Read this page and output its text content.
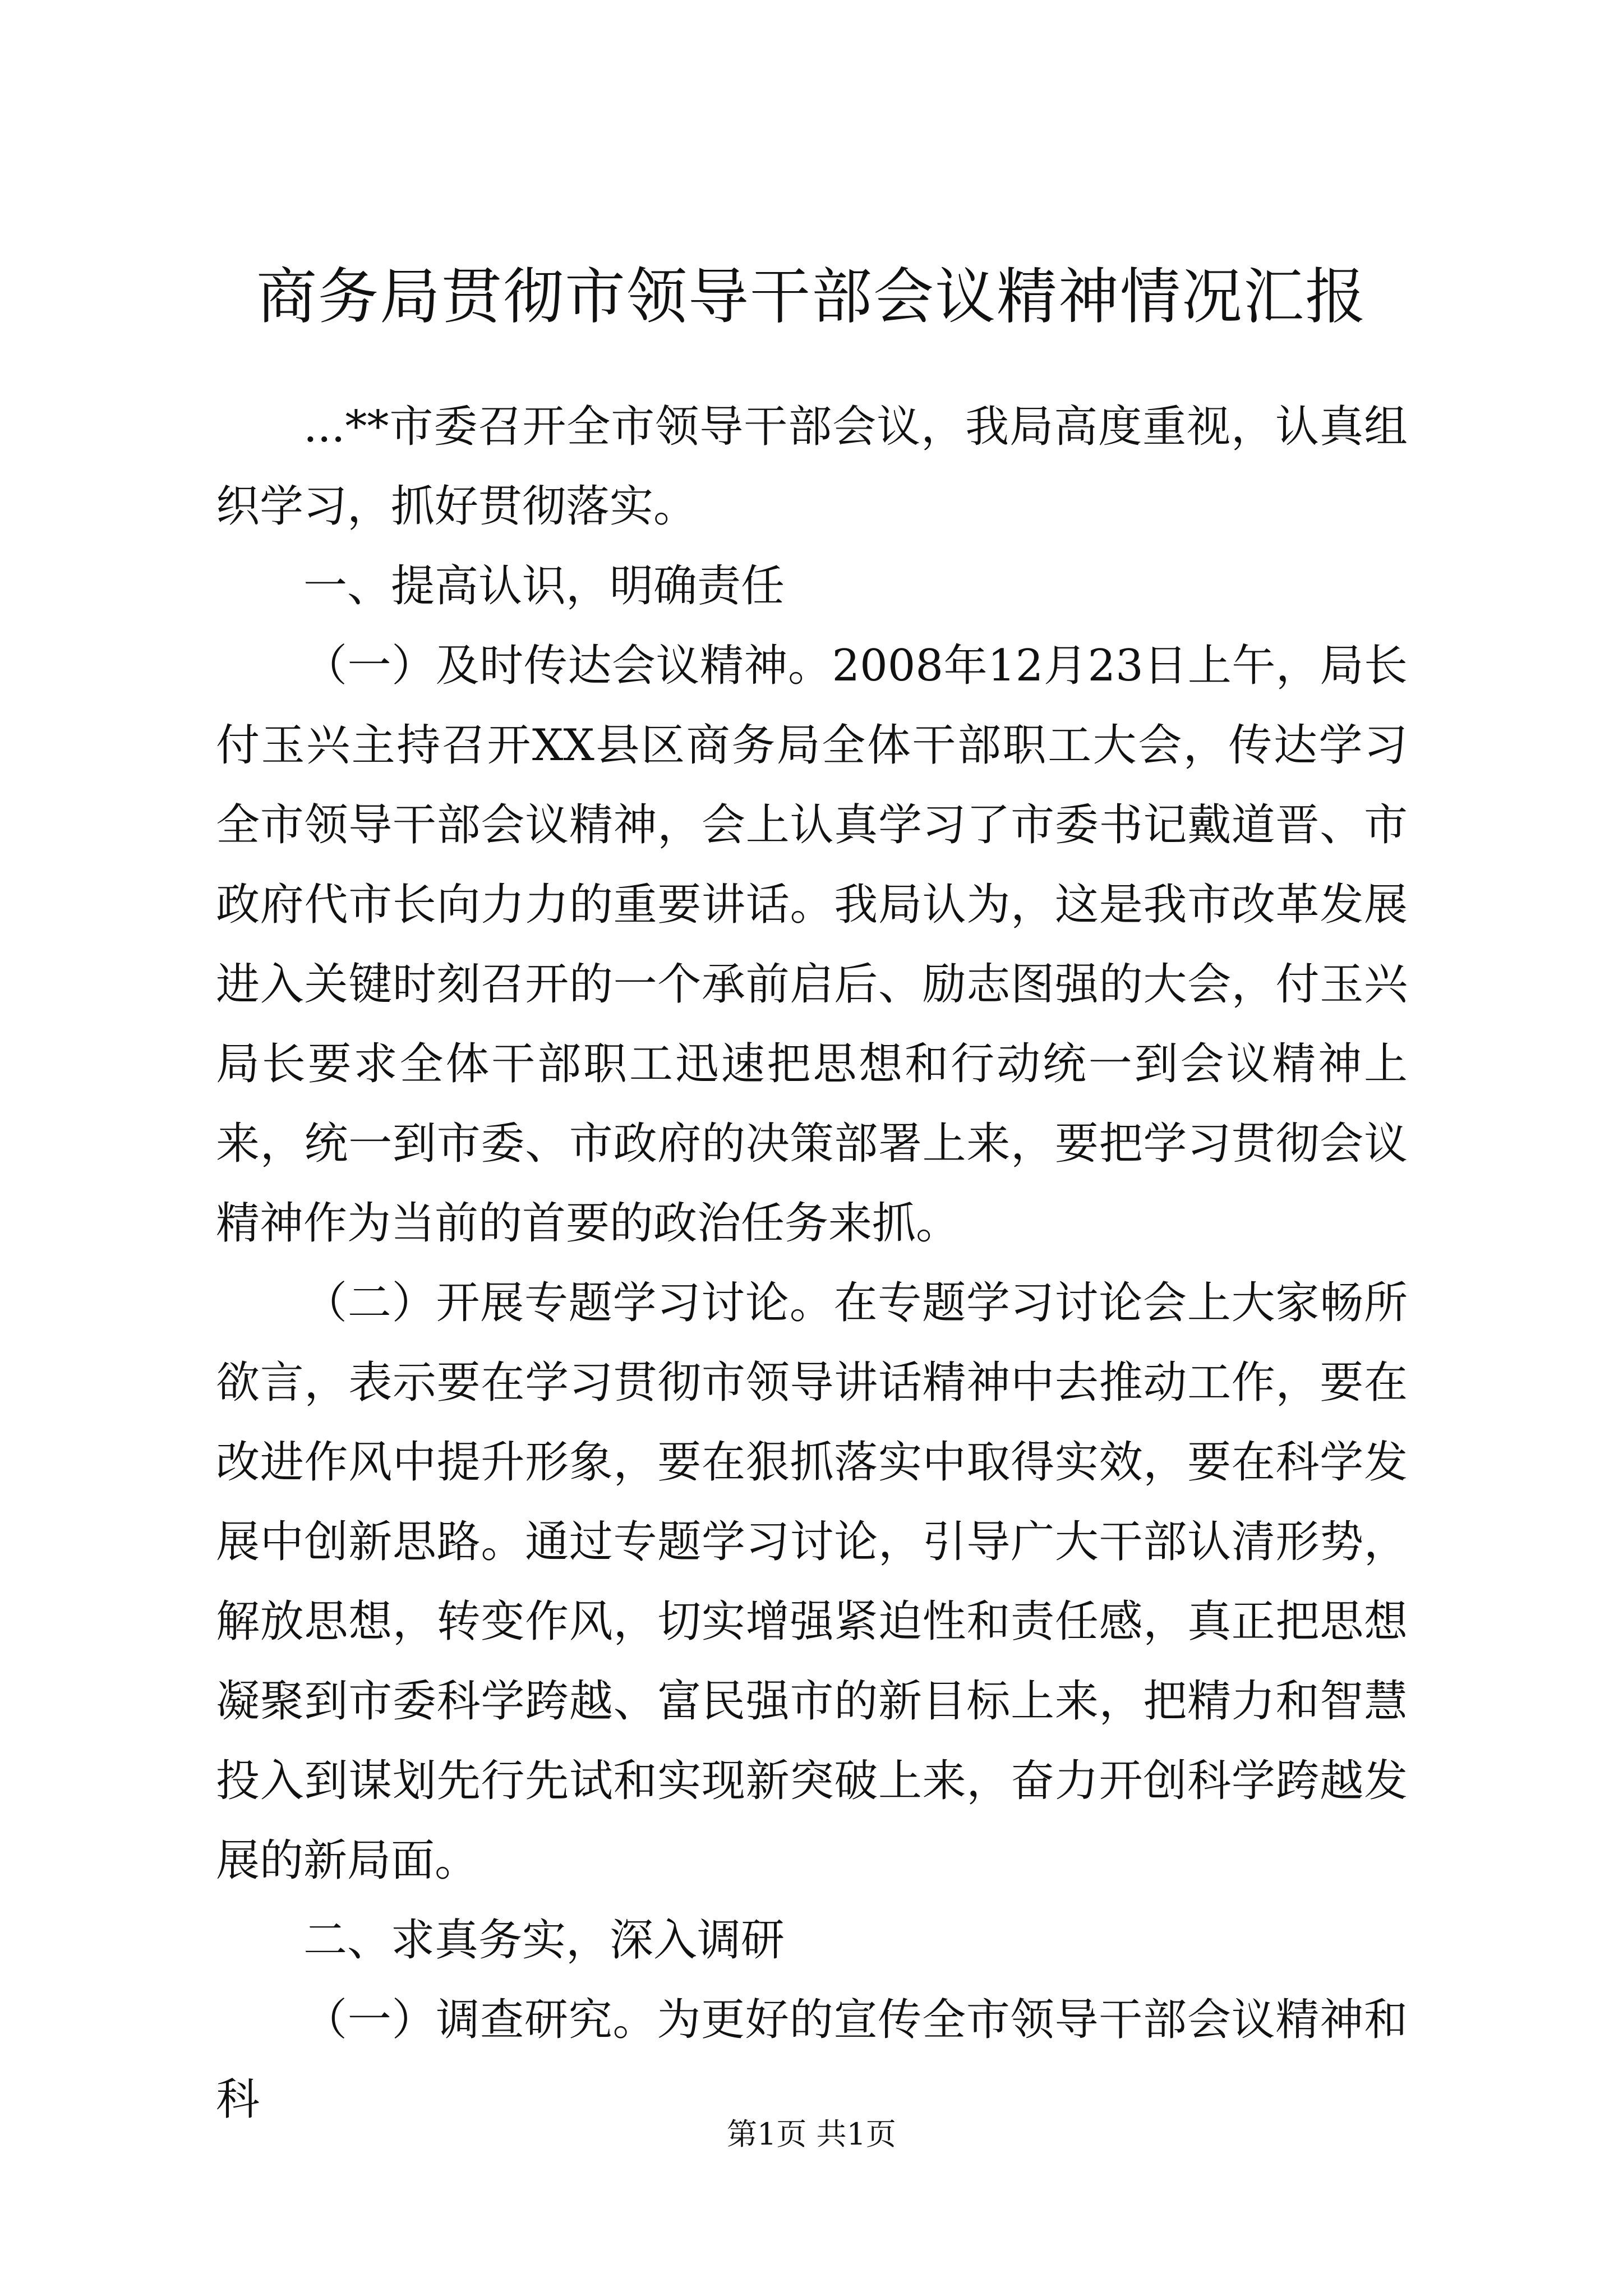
商务局贯彻市领导干部会议精神情况汇报

...**市委召开全市领导干部会议，我局高度重视，认真组织学习，抓好贯彻落实。

一、提高认识，明确责任

（一）及时传达会议精神。2008年12月23日上午，局长付玉兴主持召开XX县区商务局全体干部职工大会，传达学习全市领导干部会议精神，会上认真学习了市委书记戴道晋、市政府代市长向力力的重要讲话。我局认为，这是我市改革发展进入关键时刻召开的一个承前启后、励志图强的大会，付玉兴局长要求全体干部职工迅速把思想和行动统一到会议精神上来，统一到市委、市政府的决策部署上来，要把学习贯彻会议精神作为当前的首要的政治任务来抓。

（二）开展专题学习讨论。在专题学习讨论会上大家畅所欲言，表示要在学习贯彻市领导讲话精神中去推动工作，要在改进作风中提升形象，要在狠抓落实中取得实效，要在科学发展中创新思路。通过专题学习讨论，引导广大干部认清形势，解放思想，转变作风，切实增强紧迫性和责任感，真正把思想凝聚到市委科学跨越、富民强市的新目标上来，把精力和智慧投入到谋划先行先试和实现新突破上来，奋力开创科学跨越发展的新局面。

二、求真务实，深入调研

（一）调查研究。为更好的宣传全市领导干部会议精神和科

第1页 共1页
